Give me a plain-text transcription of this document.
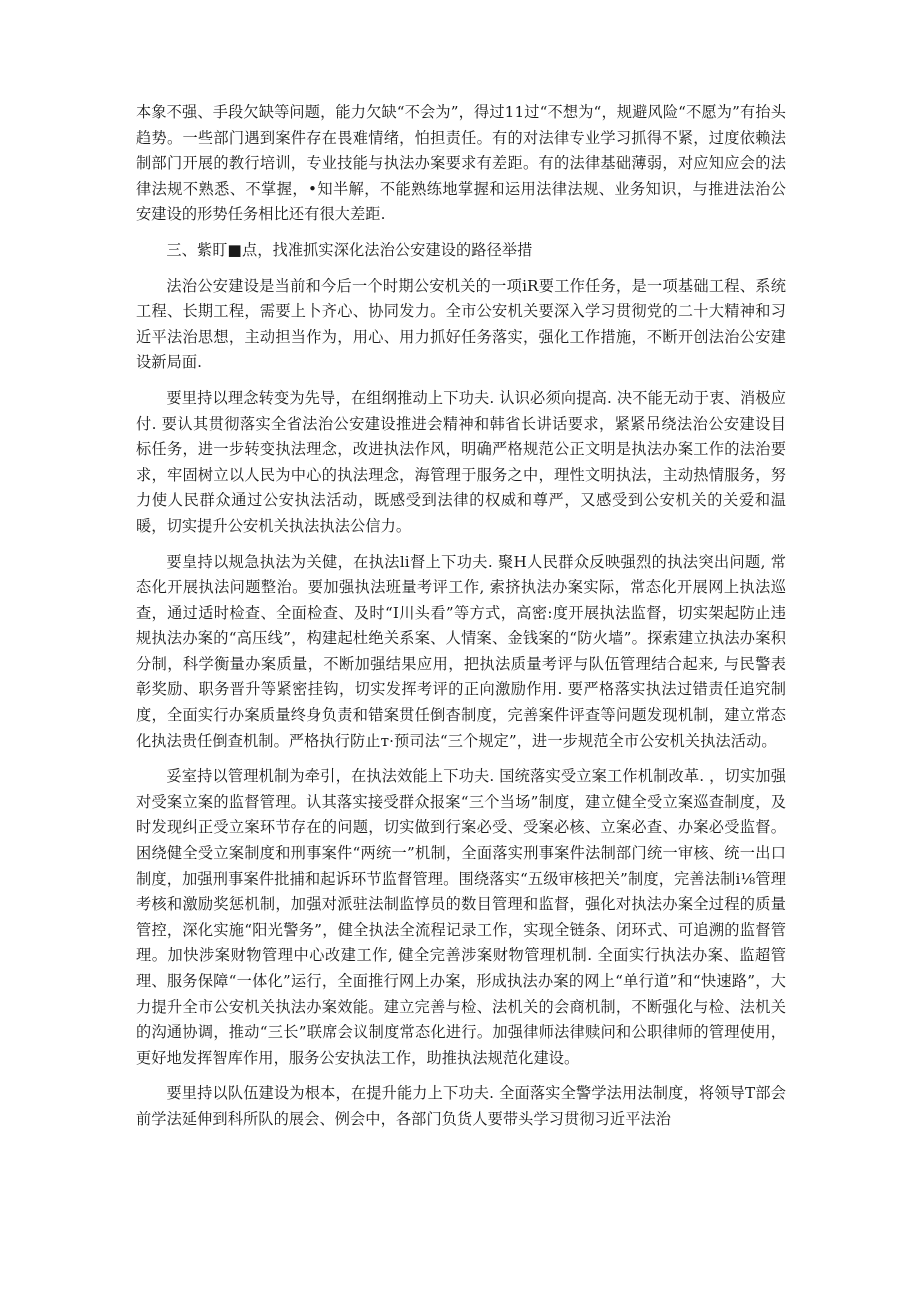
本象不强、手段欠缺等问题，能力欠缺“不会为”，得过11过“不想为“，规避风险“不愿为”有抬头趋势。一些部门遇到案件存在畏难情绪，怕担责任。有的对法律专业学习抓得不紧，过度依赖法制部门开展的教行培训，专业技能与执法办案要求有差距。有的法律基础薄弱，对应知应会的法律法规不熟悉、不掌握，•知半解，不能熟练地掌握和运用法律法规、业务知识，与推进法治公安建设的形势任务相比还有很大差距.

三、紫盯■点，找准抓实深化法治公安建设的路径举措

法治公安建设是当前和今后一个时期公安机关的一项iR要工作任务，是一项基础工程、系统工程、长期工程，需要上卜齐心、协同发力。全市公安机关要深入学习贯彻党的二十大精神和习近平法治思想，主动担当作为，用心、用力抓好任务落实，强化工作措施，不断开创法治公安建设新局面.

要里持以理念转变为先导，在组纲推动上下功夫. 认识必须向提高. 决不能无动于衷、消极应付. 要认其贯彻落实全省法治公安建设推进会精神和韩省长讲话要求，紧紧吊绕法治公安建设目标任务，进一步转变执法理念，改进执法作风，明确严格规范公正文明是执法办案工作的法治要求，牢固树立以人民为中心的执法理念，海管理于服务之中，理性文明执法，主动热情服务，努力使人民群众通过公安执法活动，既感受到法律的权威和尊严，又感受到公安机关的关爱和温暖，切实提升公安机关执法执法公信力。

要皇持以规急执法为关健，在执法li督上下功夫. 聚H人民群众反映强烈的执法突出问题, 常态化开展执法问题整治。要加强执法班量考评工作, 索挤执法办案实际，常态化开展网上执法巡查，通过适时检查、全面检查、及时“I川头看”等方式，高密:度开展执法监督，切实架起防止违规执法办案的“高压线”，构建起杜绝关系案、人情案、金钱案的“防火墙”。探索建立执法办案积分制，科学衡量办案质量，不断加强结果应用，把执法质量考评与队伍管理结合起来, 与民警表彰奖励、职务晋升等紧密挂钩，切实发挥考评的正向激励作用. 要严格落实执法过错责任追究制度，全面实行办案质量终身负责和错案贯任倒杳制度，完善案件评查等问题发现机制，建立常态化执法贵任倒查机制。严格执行防止т·预司法“三个规定”，进一步规范全市公安机关执法活动。

妥室持以管理机制为牵引，在执法效能上下功夫. 国统落实受立案工作机制改革. ，切实加强对受案立案的监督管理。认其落实接受群众报案“三个当场”制度，建立健全受立案巡查制度，及时发现纠正受立案环节存在的问题，切实做到行案必受、受案必核、立案必查、办案必受监督。困绕健全受立案制度和刑事案件“两统一”机制，全面落实刑事案件法制部门统一审核、统一出口制度，加强刑事案件批捕和起诉环节监督管理。围绕落实“五级审核把关”制度，完善法制i⅛管理考核和激励奖惩机制，加强对派驻法制监惇员的数目管理和监督，强化对执法办案全过程的质量管控，深化实施“阳光警务”，健全执法全流程记录工作，实现全链条、闭环式、可追溯的监督管理。加快涉案财物管理中心改建工作, 健全完善涉案财物管理机制. 全面实行执法办案、监超管理、服务保障“一体化”运行，全面推行网上办案，形成执法办案的网上“单行道”和“快速路”，大力提升全市公安机关执法办案效能。建立完善与检、法机关的会商机制，不断强化与检、法机关的沟通协调，推动“三长”联席会议制度常态化进行。加强律师法律赎问和公职律师的管理使用，更好地发挥智库作用，服务公安执法工作，助推执法规范化建设。

要里持以队伍建设为根本，在提升能力上下功夫. 全面落实全警学法用法制度，将领导T部会前学法延伸到科所队的展会、例会中，各部门负货人要带头学习贯彻习近平法治
